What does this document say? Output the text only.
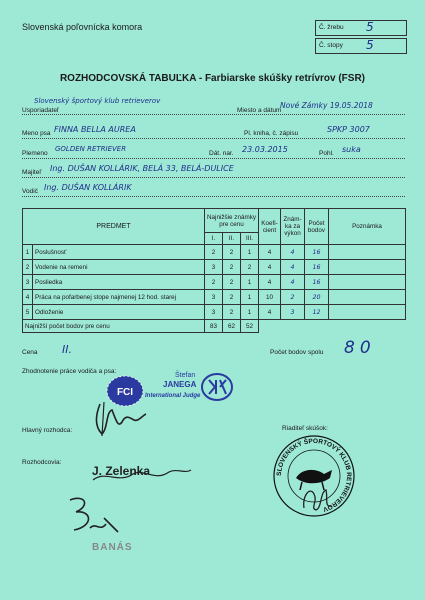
Slovenská poľovnícka komora	Č. žrebu 5
Č. stopy 5
ROZHODCOVSKÁ TABUĽKA - Farbiarske skúšky retrívrov (FSR)
Usporiadateľ
Slovenský športový klub retrieverov
Miesto a dátum
Nové Zámky 19.05.2018
Meno psa FINNA BELLA AUREA	Pl. kniha, č. zápisu	SPKP 3007
Plemeno
GOLDEN RETRIEVER
Dát. nar. 23.03.2015	Pohl. suka
Majiteľ Ing. DUŠAN KOLLÁRIK, BELÁ 33, BELÁ-DULICE
Vodič Ing. DUŠAN KOLLÁRIK
PREDMET		Najnižšie známky pre cenu			Koefi-cient	Znám-ka za výkon	Počet bodov	Poznámka
		I.	II.	III.				
1	Poslušnosť	2	2	1	4	4	16	
2	Vodenie na remeni	3	2	2	4	4	16	
3	Posliedka	2	2	1	4	4	16	
4	Práca na pofarbenej stope najmenej 12 hod. starej	3	2	1	10	2	20	
5	Odloženie	3	2	1	4	3	12	
Najnižší počet bodov pre cenu		83	62	52				
Cena II.	Počet bodov spolu 80
Zhodnotenie práce vodiča a psa:
FCI
Štefan
JANEGA
International Judge
Hlavný rozhodca:
Rozhodcovia:
J. Zelenka
BANÁS
Riaditeľ skúšok:
SLOVENSKÝ ŠPORTOVÝ KLUB RETRIEVEROV
